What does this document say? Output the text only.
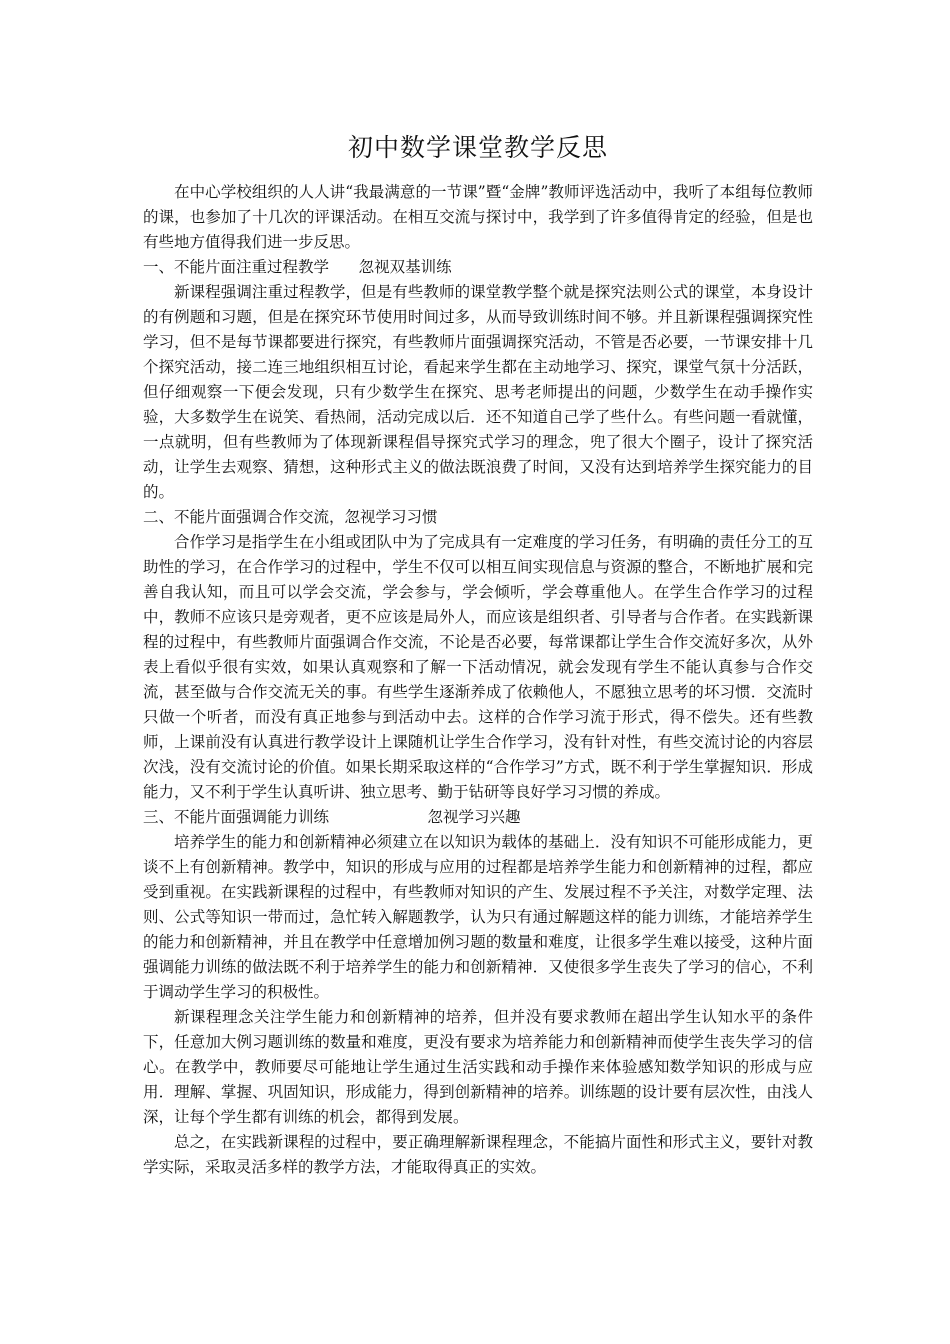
初中数学课堂教学反思

在中心学校组织的人人讲“我最满意的一节课”暨“金牌”教师评选活动中，我听了本组每位教师的课，也参加了十几次的评课活动。在相互交流与探讨中，我学到了许多值得肯定的经验，但是也有些地方值得我们进一步反思。

一、不能片面注重过程教学      忽视双基训练

新课程强调注重过程教学，但是有些教师的课堂教学整个就是探究法则公式的课堂，本身设计的有例题和习题，但是在探究环节使用时间过多，从而导致训练时间不够。并且新课程强调探究性学习，但不是每节课都要进行探究，有些教师片面强调探究活动，不管是否必要，一节课安排十几个探究活动，接二连三地组织相互讨论，看起来学生都在主动地学习、探究，课堂气氛十分活跃，但仔细观察一下便会发现，只有少数学生在探究、思考老师提出的问题，少数学生在动手操作实验，大多数学生在说笑、看热闹，活动完成以后．还不知道自己学了些什么。有些问题一看就懂，一点就明，但有些教师为了体现新课程倡导探究式学习的理念，兜了很大个圈子，设计了探究活动，让学生去观察、猜想，这种形式主义的做法既浪费了时间，又没有达到培养学生探究能力的目的。

二、不能片面强调合作交流，忽视学习习惯

合作学习是指学生在小组或团队中为了完成具有一定难度的学习任务，有明确的责任分工的互助性的学习，在合作学习的过程中，学生不仅可以相互间实现信息与资源的整合，不断地扩展和完善自我认知，而且可以学会交流，学会参与，学会倾听，学会尊重他人。在学生合作学习的过程中，教师不应该只是旁观者，更不应该是局外人，而应该是组织者、引导者与合作者。在实践新课程的过程中，有些教师片面强调合作交流，不论是否必要，每常课都让学生合作交流好多次，从外表上看似乎很有实效，如果认真观察和了解一下活动情况，就会发现有学生不能认真参与合作交流，甚至做与合作交流无关的事。有些学生逐渐养成了依赖他人，不愿独立思考的坏习惯．交流时只做一个听者，而没有真正地参与到活动中去。这样的合作学习流于形式，得不偿失。还有些教师，上课前没有认真进行教学设计上课随机让学生合作学习，没有针对性，有些交流讨论的内容层次浅，没有交流讨论的价值。如果长期采取这样的“合作学习”方式，既不利于学生掌握知识．形成能力，又不利于学生认真听讲、独立思考、勤于钻研等良好学习习惯的养成。

三、不能片面强调能力训练                    忽视学习兴趣

培养学生的能力和创新精神必须建立在以知识为载体的基础上．没有知识不可能形成能力，更谈不上有创新精神。教学中，知识的形成与应用的过程都是培养学生能力和创新精神的过程，都应受到重视。在实践新课程的过程中，有些教师对知识的产生、发展过程不予关注，对数学定理、法则、公式等知识一带而过，急忙转入解题教学，认为只有通过解题这样的能力训练，才能培养学生的能力和创新精神，并且在教学中任意增加例习题的数量和难度，让很多学生难以接受，这种片面强调能力训练的做法既不利于培养学生的能力和创新精神．又使很多学生丧失了学习的信心，不利于调动学生学习的积极性。

新课程理念关注学生能力和创新精神的培养，但并没有要求教师在超出学生认知水平的条件下，任意加大例习题训练的数量和难度，更没有要求为培养能力和创新精神而使学生丧失学习的信心。在教学中，教师要尽可能地让学生通过生活实践和动手操作来体验感知数学知识的形成与应用．理解、掌握、巩固知识，形成能力，得到创新精神的培养。训练题的设计要有层次性，由浅人深，让每个学生都有训练的机会，都得到发展。

总之，在实践新课程的过程中，要正确理解新课程理念，不能搞片面性和形式主义，要针对教学实际，采取灵活多样的教学方法，才能取得真正的实效。
